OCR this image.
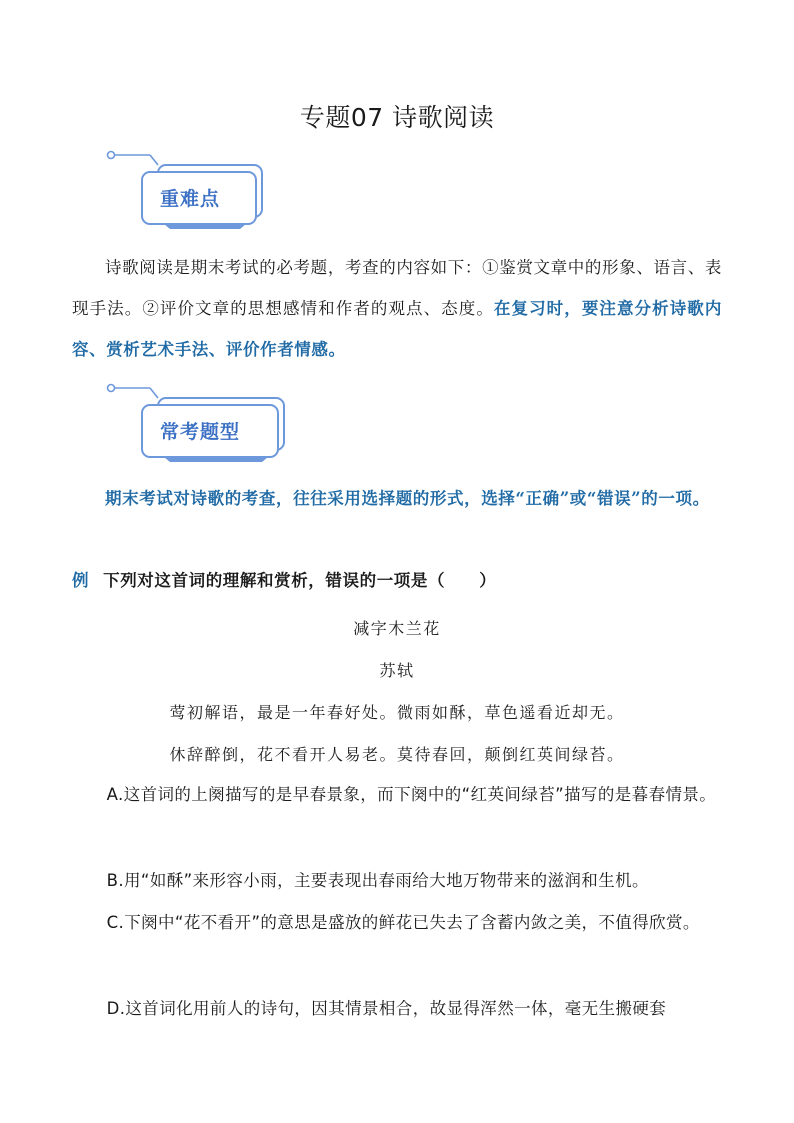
专题07 诗歌阅读
重难点
诗歌阅读是期末考试的必考题，考查的内容如下：①鉴赏文章中的形象、语言、表现手法。②评价文章的思想感情和作者的观点、态度。在复习时，要注意分析诗歌内容、赏析艺术手法、评价作者情感。
常考题型
期末考试对诗歌的考查，往往采用选择题的形式，选择“正确”或“错误”的一项。
例 下列对这首词的理解和赏析，错误的一项是（　　）
减字木兰花
苏轼
莺初解语，最是一年春好处。微雨如酥，草色遥看近却无。
休辞醉倒，花不看开人易老。莫待春回，颠倒红英间绿苔。
A.这首词的上阕描写的是早春景象，而下阕中的“红英间绿苔”描写的是暮春情景。
B.用“如酥”来形容小雨，主要表现出春雨给大地万物带来的滋润和生机。
C.下阕中“花不看开”的意思是盛放的鲜花已失去了含蓄内敛之美，不值得欣赏。
D.这首词化用前人的诗句，因其情景相合，故显得浑然一体，毫无生搬硬套
